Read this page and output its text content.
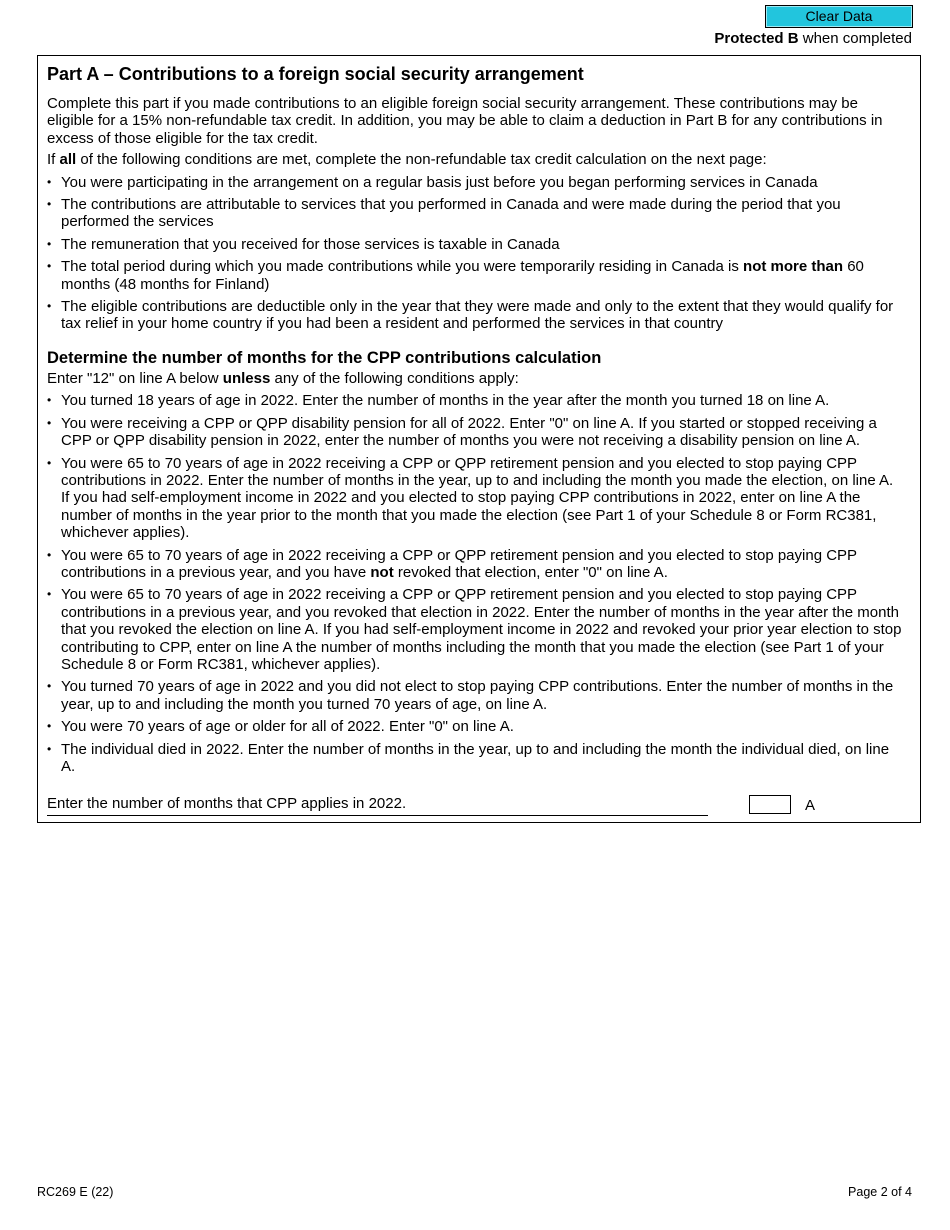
Clear Data
Protected B when completed
Part A – Contributions to a foreign social security arrangement

Complete this part if you made contributions to an eligible foreign social security arrangement. These contributions may be eligible for a 15% non-refundable tax credit. In addition, you may be able to claim a deduction in Part B for any contributions in excess of those eligible for the tax credit.

If all of the following conditions are met, complete the non-refundable tax credit calculation on the next page:

• You were participating in the arrangement on a regular basis just before you began performing services in Canada
• The contributions are attributable to services that you performed in Canada and were made during the period that you performed the services
• The remuneration that you received for those services is taxable in Canada
• The total period during which you made contributions while you were temporarily residing in Canada is not more than 60 months (48 months for Finland)
• The eligible contributions are deductible only in the year that they were made and only to the extent that they would qualify for tax relief in your home country if you had been a resident and performed the services in that country
Determine the number of months for the CPP contributions calculation

Enter "12" on line A below unless any of the following conditions apply:

• You turned 18 years of age in 2022. Enter the number of months in the year after the month you turned 18 on line A.
• You were receiving a CPP or QPP disability pension for all of 2022. Enter "0" on line A. If you started or stopped receiving a CPP or QPP disability pension in 2022, enter the number of months you were not receiving a disability pension on line A.
• You were 65 to 70 years of age in 2022 receiving a CPP or QPP retirement pension and you elected to stop paying CPP contributions in 2022. Enter the number of months in the year, up to and including the month you made the election, on line A. If you had self-employment income in 2022 and you elected to stop paying CPP contributions in 2022, enter on line A the number of months in the year prior to the month that you made the election (see Part 1 of your Schedule 8 or Form RC381, whichever applies).
• You were 65 to 70 years of age in 2022 receiving a CPP or QPP retirement pension and you elected to stop paying CPP contributions in a previous year, and you have not revoked that election, enter "0" on line A.
• You were 65 to 70 years of age in 2022 receiving a CPP or QPP retirement pension and you elected to stop paying CPP contributions in a previous year, and you revoked that election in 2022. Enter the number of months in the year after the month that you revoked the election on line A. If you had self-employment income in 2022 and revoked your prior year election to stop contributing to CPP, enter on line A the number of months including the month that you made the election (see Part 1 of your Schedule 8 or Form RC381, whichever applies).
• You turned 70 years of age in 2022 and you did not elect to stop paying CPP contributions. Enter the number of months in the year, up to and including the month you turned 70 years of age, on line A.
• You were 70 years of age or older for all of 2022. Enter "0" on line A.
• The individual died in 2022. Enter the number of months in the year, up to and including the month the individual died, on line A.
Enter the number of months that CPP applies in 2022.	A
RC269 E (22)	Page 2 of 4
